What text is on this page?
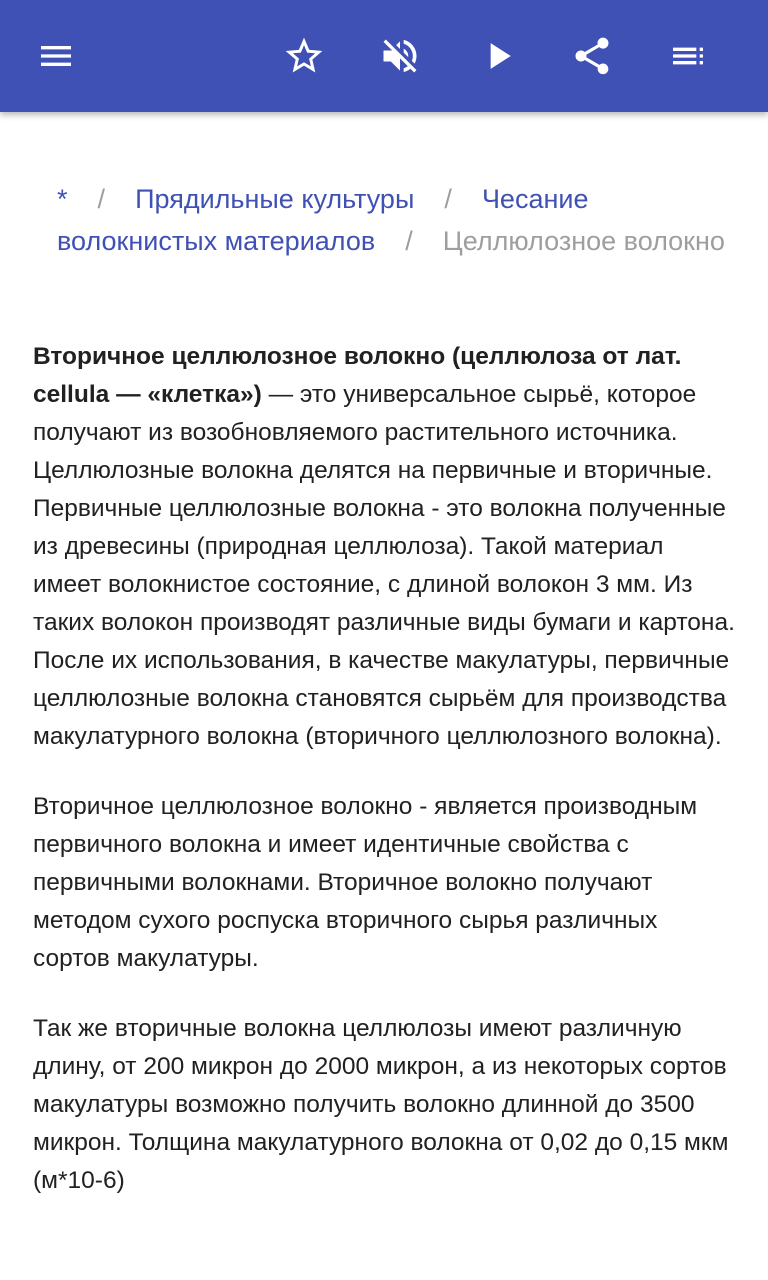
* / Прядильные культуры / Чесание волокнистых материалов / Целлюлозное волокно

Вторичное целлюлозное волокно (целлюлоза от лат. cellula — «клетка») — это универсальное сырьё, которое получают из возобновляемого растительного источника. Целлюлозные волокна делятся на первичные и вторичные. Первичные целлюлозные волокна - это волокна полученные из древесины (природная целлюлоза). Такой материал имеет волокнистое состояние, с длиной волокон 3 мм. Из таких волокон производят различные виды бумаги и картона. После их использования, в качестве макулатуры, первичные целлюлозные волокна становятся сырьём для производства макулатурного волокна (вторичного целлюлозного волокна).

Вторичное целлюлозное волокно - является производным первичного волокна и имеет идентичные свойства с первичными волокнами. Вторичное волокно получают методом сухого роспуска вторичного сырья различных сортов макулатуры.

Так же вторичные волокна целлюлозы имеют различную длину, от 200 микрон до 2000 микрон, а из некоторых сортов макулатуры возможно получить волокно длинной до 3500 микрон. Толщина макулатурного волокна от 0,02 до 0,15 мкм (м*10-6)
